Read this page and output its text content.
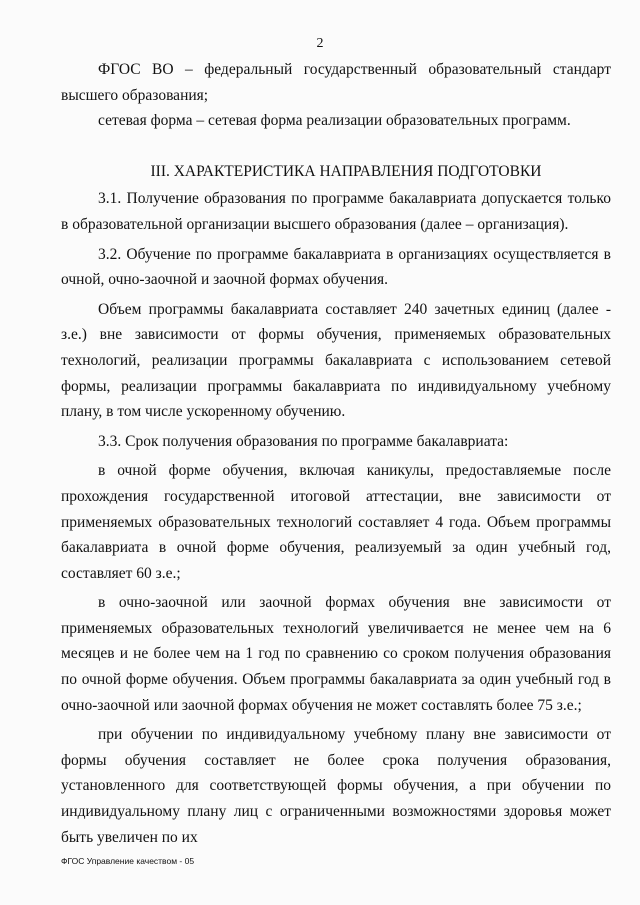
2

ФГОС ВО – федеральный государственный образовательный стандарт высшего образования;

сетевая форма – сетевая форма реализации образовательных программ.

III. ХАРАКТЕРИСТИКА НАПРАВЛЕНИЯ ПОДГОТОВКИ

3.1. Получение образования по программе бакалавриата допускается только в образовательной организации высшего образования (далее – организация).

3.2. Обучение по программе бакалавриата в организациях осуществляется в очной, очно-заочной и заочной формах обучения.

Объем программы бакалавриата составляет 240 зачетных единиц (далее - з.е.) вне зависимости от формы обучения, применяемых образовательных технологий, реализации программы бакалавриата с использованием сетевой формы, реализации программы бакалавриата по индивидуальному учебному плану, в том числе ускоренному обучению.

3.3. Срок получения образования по программе бакалавриата:

в очной форме обучения, включая каникулы, предоставляемые после прохождения государственной итоговой аттестации, вне зависимости от применяемых образовательных технологий составляет 4 года. Объем программы бакалавриата в очной форме обучения, реализуемый за один учебный год, составляет 60 з.е.;

в очно-заочной или заочной формах обучения вне зависимости от применяемых образовательных технологий увеличивается не менее чем на 6 месяцев и не более чем на 1 год по сравнению со сроком получения образования по очной форме обучения. Объем программы бакалавриата за один учебный год в очно-заочной или заочной формах обучения не может составлять более 75 з.е.;

при обучении по индивидуальному учебному плану вне зависимости от формы обучения составляет не более срока получения образования, установленного для соответствующей формы обучения, а при обучении по индивидуальному плану лиц с ограниченными возможностями здоровья может быть увеличен по их

ФГОС Управление качеством - 05
